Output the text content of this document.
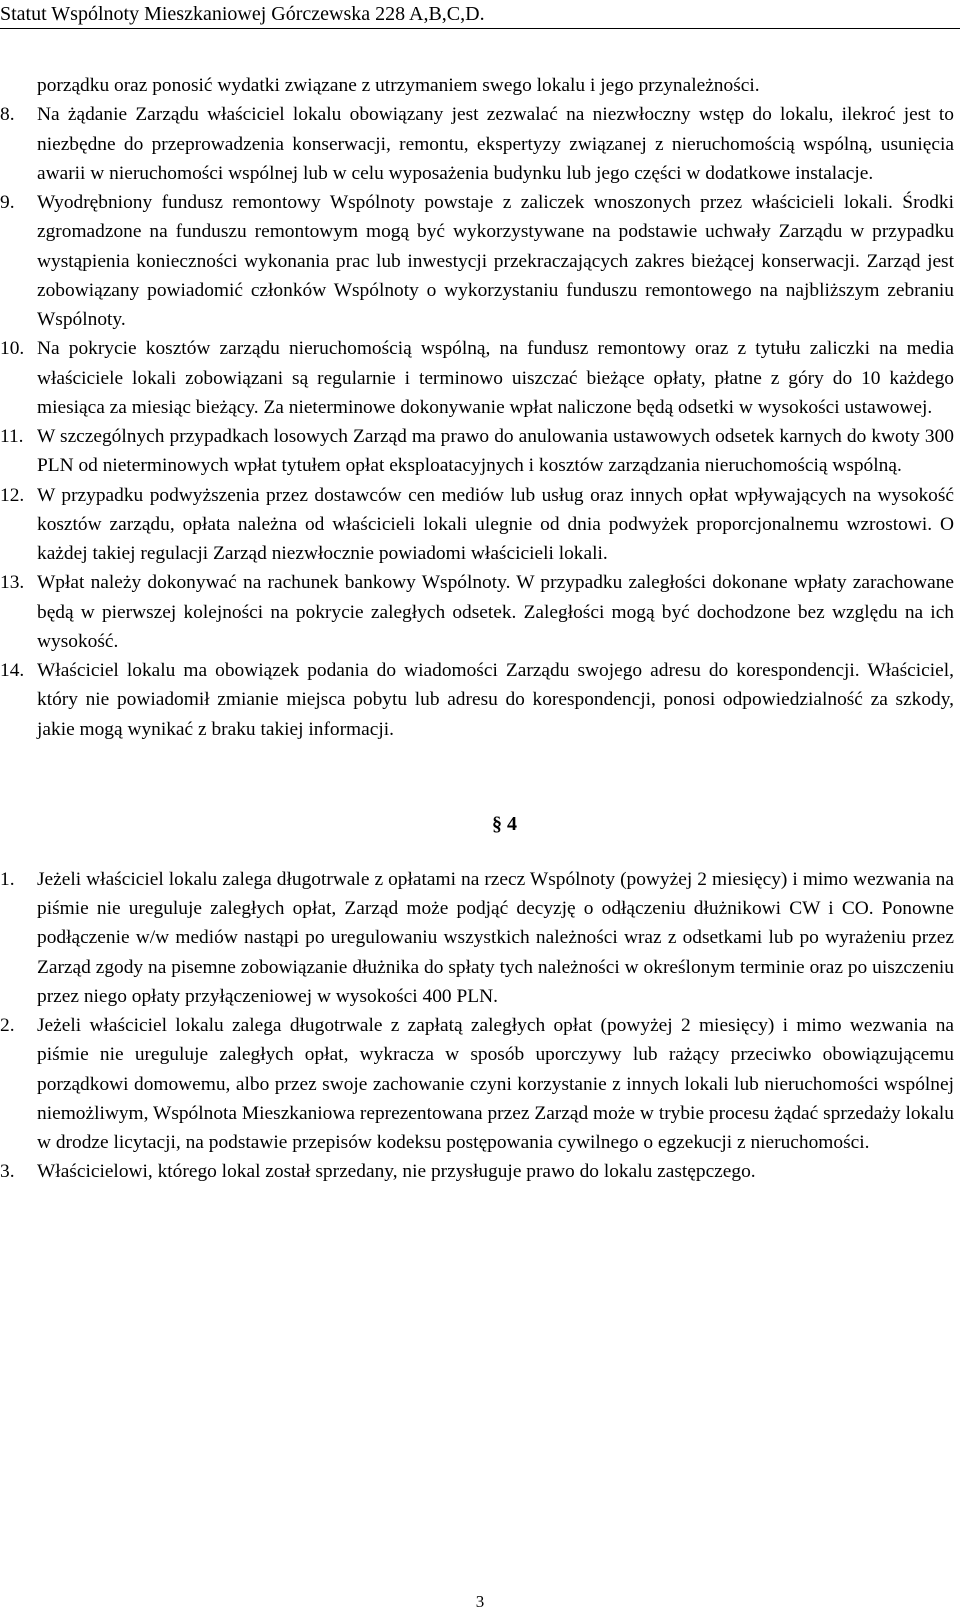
Statut Wspólnoty Mieszkaniowej Górczewska 228 A,B,C,D.
porządku oraz ponosić wydatki związane z utrzymaniem swego lokalu i jego przynależności.
8.	Na żądanie Zarządu właściciel lokalu obowiązany jest zezwalać na niezwłoczny wstęp do lokalu, ilekroć jest to niezbędne do przeprowadzenia konserwacji, remontu, ekspertyzy związanej z nieruchomością wspólną, usunięcia awarii w nieruchomości wspólnej lub w celu wyposażenia budynku lub jego części w dodatkowe instalacje.
9.	Wyodrębniony fundusz remontowy Wspólnoty powstaje z zaliczek wnoszonych przez właścicieli lokali. Środki zgromadzone na funduszu remontowym mogą być wykorzystywane na podstawie uchwały Zarządu w przypadku wystąpienia konieczności wykonania prac lub inwestycji przekraczających zakres bieżącej konserwacji. Zarząd jest zobowiązany powiadomić członków Wspólnoty o wykorzystaniu funduszu remontowego na najbliższym zebraniu Wspólnoty.
10. Na pokrycie kosztów zarządu nieruchomością wspólną, na fundusz remontowy oraz z tytułu zaliczki na media właściciele lokali zobowiązani są regularnie i terminowo uiszczać bieżące opłaty, płatne z góry do 10 każdego miesiąca za miesiąc bieżący. Za nieterminowe dokonywanie wpłat naliczone będą odsetki w wysokości ustawowej.
11. W szczególnych przypadkach losowych Zarząd ma prawo do anulowania ustawowych odsetek karnych do kwoty 300 PLN od nieterminowych wpłat tytułem opłat eksploatacyjnych i kosztów zarządzania nieruchomością wspólną.
12. W przypadku podwyższenia przez dostawców cen mediów lub usług oraz innych opłat wpływających na wysokość kosztów zarządu, opłata należna od właścicieli lokali ulegnie od dnia podwyżek proporcjonalnemu wzrostowi. O każdej takiej regulacji Zarząd niezwłocznie powiadomi właścicieli lokali.
13. Wpłat należy dokonywać na rachunek bankowy Wspólnoty. W przypadku zaległości dokonane wpłaty zarachowane będą w pierwszej kolejności na pokrycie zaległych odsetek. Zaległości mogą być dochodzone bez względu na ich wysokość.
14. Właściciel lokalu ma obowiązek podania do wiadomości Zarządu swojego adresu do korespondencji. Właściciel, który nie powiadomił zmianie miejsca pobytu lub adresu do korespondencji, ponosi odpowiedzialność za szkody, jakie mogą wynikać z braku takiej informacji.
§ 4
1.	Jeżeli właściciel lokalu zalega długotrwale z opłatami na rzecz Wspólnoty (powyżej 2 miesięcy) i mimo wezwania na piśmie nie ureguluje zaległych opłat, Zarząd może podjąć decyzję o odłączeniu dłużnikowi CW i CO. Ponowne podłączenie w/w mediów nastąpi po uregulowaniu wszystkich należności wraz z odsetkami lub po wyrażeniu przez Zarząd zgody na pisemne zobowiązanie dłużnika do spłaty tych należności w określonym terminie oraz po uiszczeniu przez niego opłaty przyłączeniowej w wysokości 400 PLN.
2.	Jeżeli właściciel lokalu zalega długotrwale z zapłatą zaległych opłat (powyżej 2 miesięcy) i mimo wezwania na piśmie nie ureguluje zaległych opłat, wykracza w sposób uporczywy lub rażący przeciwko obowiązującemu porządkowi domowemu, albo przez swoje zachowanie czyni korzystanie z innych lokali lub nieruchomości wspólnej niemożliwym, Wspólnota Mieszkaniowa reprezentowana przez Zarząd może w trybie procesu żądać sprzedaży lokalu w drodze licytacji, na podstawie przepisów kodeksu postępowania cywilnego o egzekucji z nieruchomości.
3.	Właścicielowi, którego lokal został sprzedany, nie przysługuje prawo do lokalu zastępczego.
3
